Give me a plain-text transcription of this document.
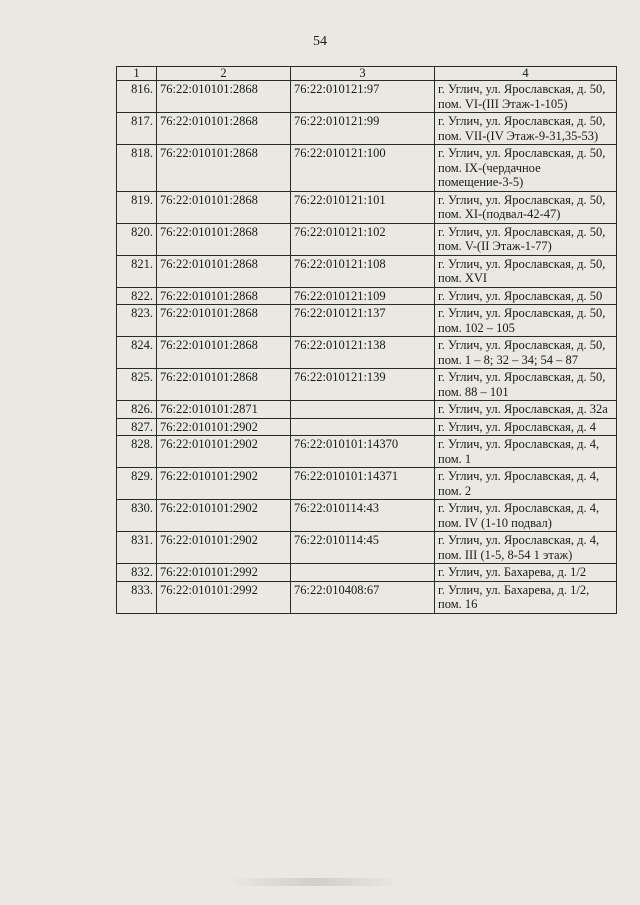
54
1	2	3	4
816.	76:22:010101:2868	76:22:010121:97	г. Углич, ул. Ярославская, д. 50, пом. VI-(III Этаж-1-105)
817.	76:22:010101:2868	76:22:010121:99	г. Углич, ул. Ярославская, д. 50, пом. VII-(IV Этаж-9-31,35-53)
818.	76:22:010101:2868	76:22:010121:100	г. Углич, ул. Ярославская, д. 50, пом. IX-(чердачное помещение-3-5)
819.	76:22:010101:2868	76:22:010121:101	г. Углич, ул. Ярославская, д. 50, пом. XI-(подвал-42-47)
820.	76:22:010101:2868	76:22:010121:102	г. Углич, ул. Ярославская, д. 50, пом. V-(II Этаж-1-77)
821.	76:22:010101:2868	76:22:010121:108	г. Углич, ул. Ярославская, д. 50, пом. XVI
822.	76:22:010101:2868	76:22:010121:109	г. Углич, ул. Ярославская, д. 50
823.	76:22:010101:2868	76:22:010121:137	г. Углич, ул. Ярославская, д. 50, пом. 102 – 105
824.	76:22:010101:2868	76:22:010121:138	г. Углич, ул. Ярославская, д. 50, пом. 1 – 8; 32 – 34; 54 – 87
825.	76:22:010101:2868	76:22:010121:139	г. Углич, ул. Ярославская, д. 50, пом. 88 – 101
826.	76:22:010101:2871		г. Углич, ул. Ярославская, д. 32а
827.	76:22:010101:2902		г. Углич, ул. Ярославская, д. 4
828.	76:22:010101:2902	76:22:010101:14370	г. Углич, ул. Ярославская, д. 4, пом. 1
829.	76:22:010101:2902	76:22:010101:14371	г. Углич, ул. Ярославская, д. 4, пом. 2
830.	76:22:010101:2902	76:22:010114:43	г. Углич, ул. Ярославская, д. 4, пом. IV (1-10 подвал)
831.	76:22:010101:2902	76:22:010114:45	г. Углич, ул. Ярославская, д. 4, пом. III (1-5, 8-54 1 этаж)
832.	76:22:010101:2992		г. Углич, ул. Бахарева, д. 1/2
833.	76:22:010101:2992	76:22:010408:67	г. Углич, ул. Бахарева, д. 1/2, пом. 16
